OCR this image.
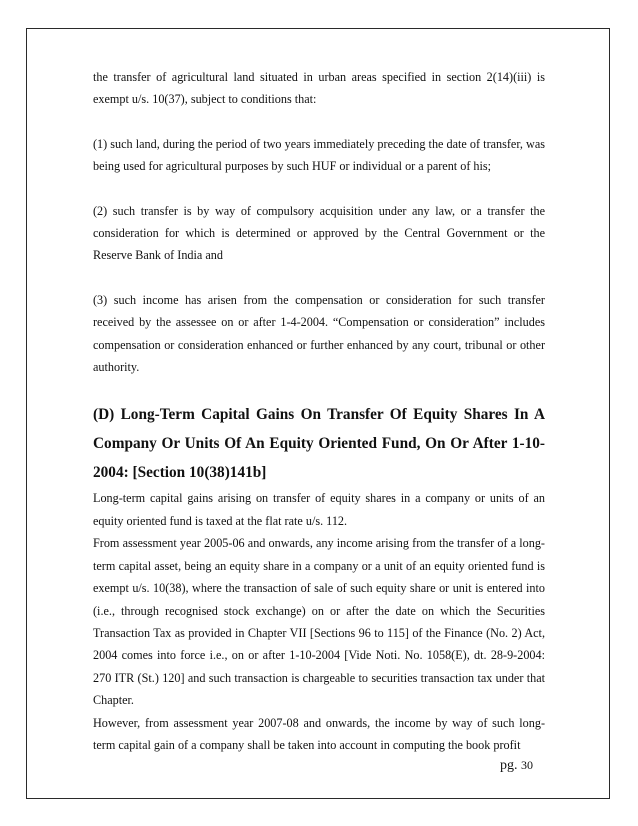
the transfer of agricultural land situated in urban areas specified in section 2(14)(iii) is exempt u/s. 10(37), subject to conditions that:

(1) such land, during the period of two years immediately preceding the date of transfer, was being used for agricultural purposes by such HUF or individual or a parent of his;

(2) such transfer is by way of compulsory acquisition under any law, or a transfer the consideration for which is determined or approved by the Central Government or the Reserve Bank of India and

(3) such income has arisen from the compensation or consideration for such transfer received by the assessee on or after 1-4-2004. “Compensation or consideration” includes compensation or consideration enhanced or further enhanced by any court, tribunal or other authority.

(D) Long-Term Capital Gains On Transfer Of Equity Shares In A Company Or Units Of An Equity Oriented Fund, On Or After 1-10-2004: [Section 10(38)141b]

Long-term capital gains arising on transfer of equity shares in a company or units of an equity oriented fund is taxed at the flat rate u/s. 112.

From assessment year 2005-06 and onwards, any income arising from the transfer of a long-term capital asset, being an equity share in a company or a unit of an equity oriented fund is exempt u/s. 10(38), where the transaction of sale of such equity share or unit is entered into (i.e., through recognised stock exchange) on or after the date on which the Securities Transaction Tax as provided in Chapter VII [Sections 96 to 115] of the Finance (No. 2) Act, 2004 comes into force i.e., on or after 1-10-2004 [Vide Noti. No. 1058(E), dt. 28-9-2004: 270 ITR (St.) 120] and such transaction is chargeable to securities transaction tax under that Chapter.

However, from assessment year 2007-08 and onwards, the income by way of such long-term capital gain of a company shall be taken into account in computing the book profit

pg. 30
